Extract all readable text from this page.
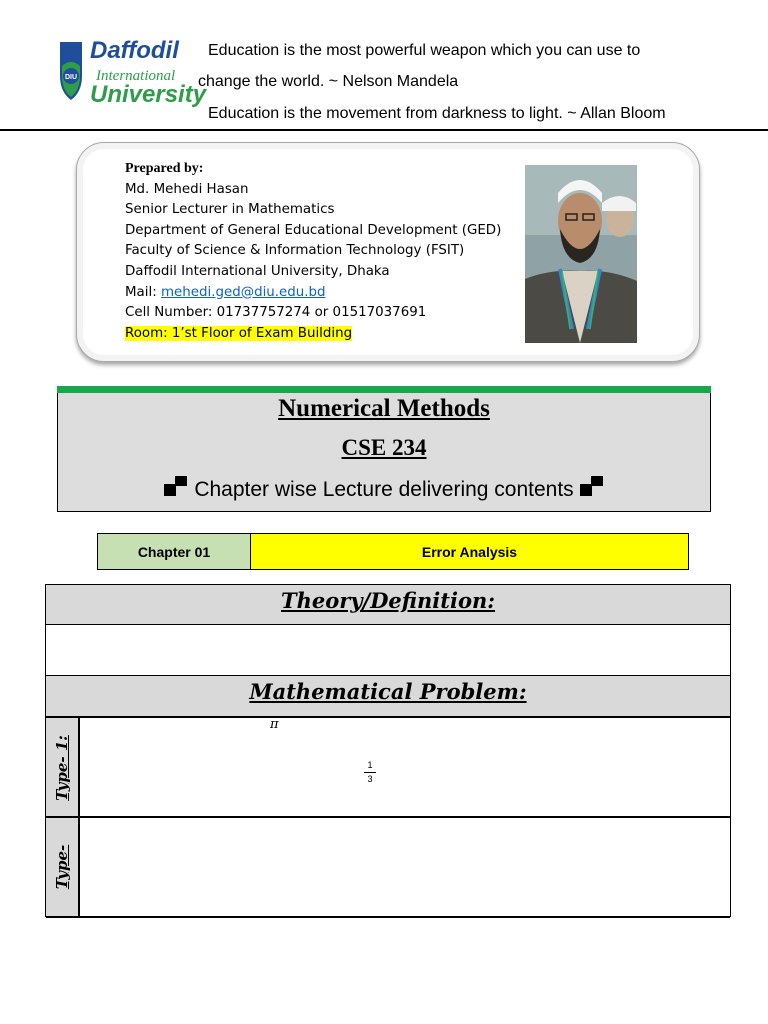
DIU
Daffodil
International
University
Education is the most powerful weapon which you can use to
change the world. ~ Nelson Mandela
Education is the movement from darkness to light. ~ Allan Bloom
Prepared by:
Md. Mehedi Hasan
Senior Lecturer in Mathematics
Department of General Educational Development (GED)
Faculty of Science & Information Technology (FSIT)
Daffodil International University, Dhaka
Mail: mehedi.ged@diu.edu.bd
Cell Number: 01737757274 or 01517037691
Room: 1’st Floor of Exam Building
Numerical Methods
CSE 234
Chapter wise Lecture delivering contents
Chapter 01	Error Analysis
Theory/Definition:
Mathematical Problem:
Type- 1:
Type-
π
1
3
